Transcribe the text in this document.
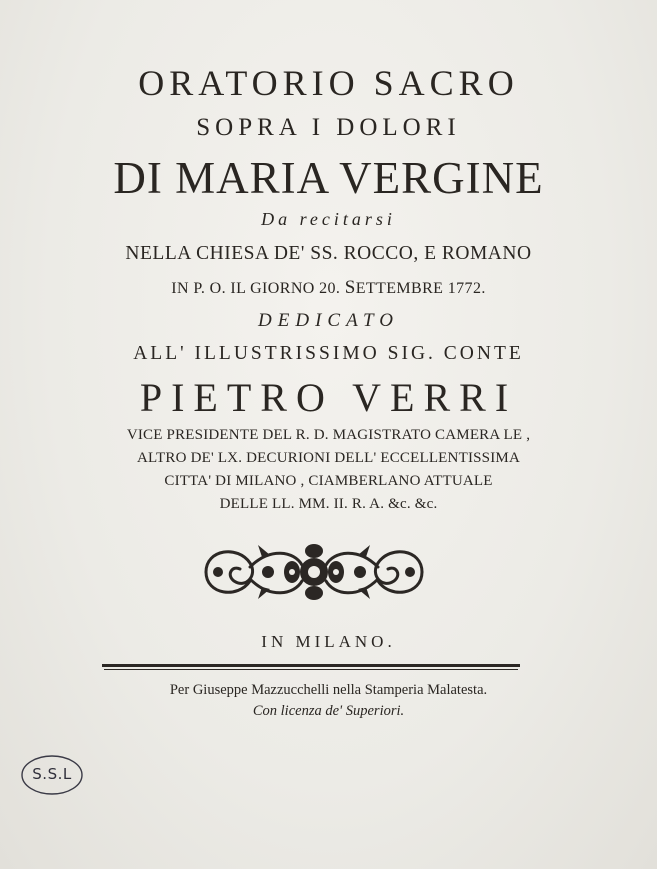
ORATORIO SACRO
SOPRA I DOLORI
DI MARIA VERGINE
Da recitarsi
NELLA CHIESA DE' SS. ROCCO, E ROMANO
IN P. O. IL GIORNO 20. SETTEMBRE 1772.
DEDICATO
ALL' ILLUSTRISSIMO SIG. CONTE
PIETRO VERRI
VICE PRESIDENTE DEL R. D. MAGISTRATO CAMERA LE ,
ALTRO DE' LX. DECURIONI DELL' ECCELLENTISSIMA
CITTA' DI MILANO , CIAMBERLANO ATTUALE
DELLE LL. MM. II. R. A. &c. &c.
IN MILANO.
Per Giuseppe Mazzucchelli nella Stamperia Malatesta.
Con licenza de' Superiori.
S.S.L
